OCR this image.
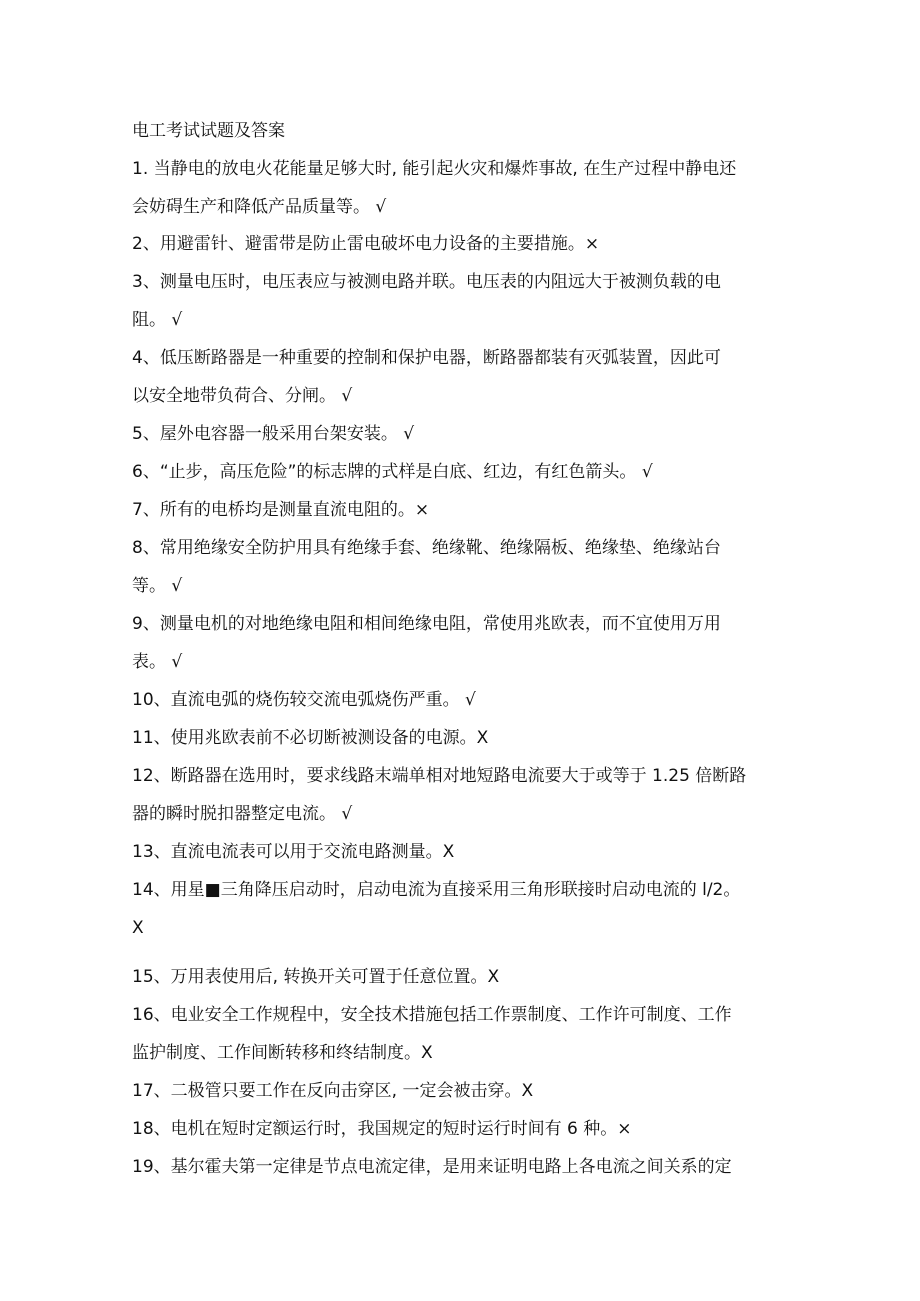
电工考试试题及答案
1. 当静电的放电火花能量足够大时, 能引起火灾和爆炸事故, 在生产过程中静电还
会妨碍生产和降低产品质量等。 √
2、用避雷针、避雷带是防止雷电破坏电力设备的主要措施。×
3、测量电压时，电压表应与被测电路并联。电压表的内阻远大于被测负载的电
阻。 √
4、低压断路器是一种重要的控制和保护电器，断路器都装有灭弧装置，因此可
以安全地带负荷合、分闸。 √
5、屋外电容器一般采用台架安装。 √
6、“止步，高压危险”的标志牌的式样是白底、红边，有红色箭头。 √
7、所有的电桥均是测量直流电阻的。×
8、常用绝缘安全防护用具有绝缘手套、绝缘靴、绝缘隔板、绝缘垫、绝缘站台
等。 √
9、测量电机的对地绝缘电阻和相间绝缘电阻，常使用兆欧表，而不宜使用万用
表。 √
10、直流电弧的烧伤较交流电弧烧伤严重。 √
11、使用兆欧表前不必切断被测设备的电源。X
12、断路器在选用时，要求线路末端单相对地短路电流要大于或等于 1.25 倍断路
器的瞬时脱扣器整定电流。 √
13、直流电流表可以用于交流电路测量。X
14、用星■三角降压启动时，启动电流为直接采用三角形联接时启动电流的 l/2。
X
15、万用表使用后, 转换开关可置于任意位置。X
16、电业安全工作规程中，安全技术措施包括工作票制度、工作许可制度、工作
监护制度、工作间断转移和终结制度。X
17、二极管只要工作在反向击穿区, 一定会被击穿。X
18、电机在短时定额运行时，我国规定的短时运行时间有 6 种。×
19、基尔霍夫第一定律是节点电流定律，是用来证明电路上各电流之间关系的定
